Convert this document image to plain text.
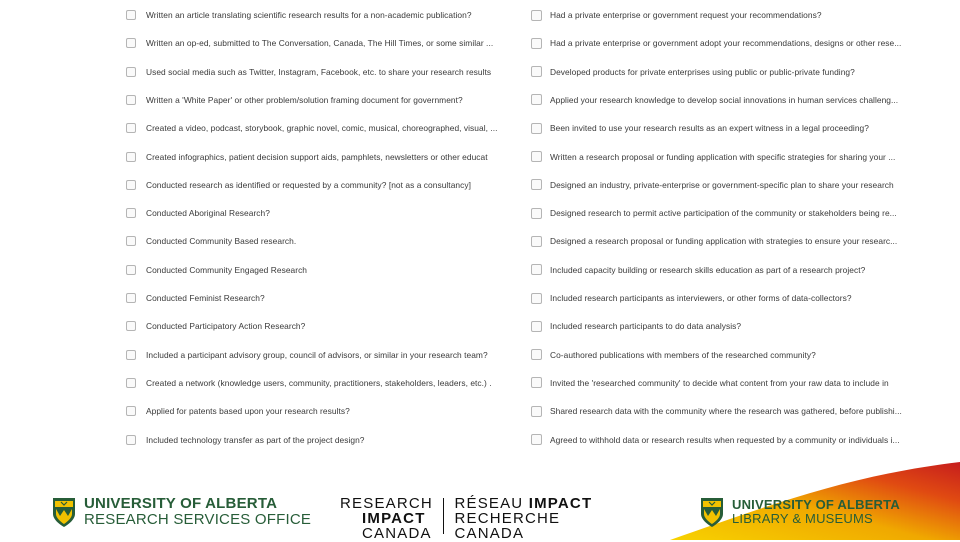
Written an article translating scientific research results for a non-academic publication?
Written an op-ed, submitted to The Conversation, Canada, The Hill Times, or some similar ...
Used social media such as Twitter, Instagram, Facebook, etc. to share your research results
Written a 'White Paper' or other problem/solution framing document for government?
Created a video, podcast, storybook, graphic novel, comic, musical, choreographed, visual, ...
Created infographics, patient decision support aids, pamphlets, newsletters or other educat
Conducted research as identified or requested by a community? [not as a consultancy]
Conducted Aboriginal Research?
Conducted Community Based research.
Conducted Community Engaged Research
Conducted Feminist Research?
Conducted Participatory Action Research?
Included a participant advisory group, council of advisors, or similar in your research team?
Created a network (knowledge users, community, practitioners, stakeholders, leaders, etc.) .
Applied for patents based upon your research results?
Included technology transfer as part of the project design?
Had a private enterprise or government request your recommendations?
Had a private enterprise or government adopt your recommendations, designs or other rese...
Developed products for private enterprises using public or public-private funding?
Applied your research knowledge to develop social innovations in human services challeng...
Been invited to use your research results as an expert witness in a legal proceeding?
Written a research proposal or funding application with specific strategies for sharing your ...
Designed an industry, private-enterprise or government-specific plan to share your research
Designed research to permit active participation of the community or stakeholders being re...
Designed a research proposal or funding application with strategies to ensure your researc...
Included capacity building or research skills education as part of a research project?
Included research participants as interviewers, or other forms of data-collectors?
Included research participants to do data analysis?
Co-authored publications with members of the researched community?
Invited the 'researched community' to decide what content from your raw data to include in
Shared research data with the community where the research was gathered, before publishi...
Agreed to withhold data or research results when requested by a community or individuals i...
UNIVERSITY OF ALBERTA
RESEARCH SERVICES OFFICE
RESEARCH
IMPACT
CANADA
RÉSEAU IMPACT
RECHERCHE
CANADA
UNIVERSITY OF ALBERTA
LIBRARY & MUSEUMS
